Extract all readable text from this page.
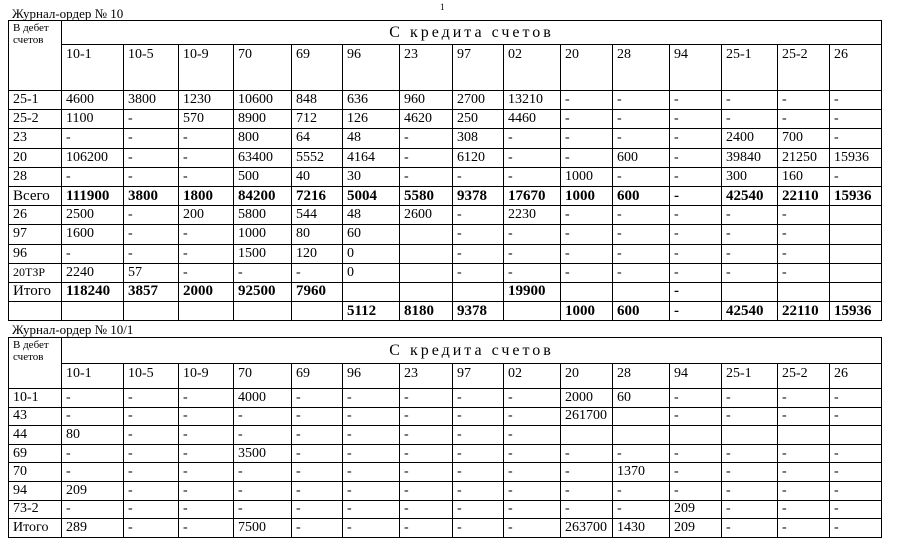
1
Журнал-ордер № 10
В дебет счетов	С кредита счетов														
	10-1	10-5	10-9	70	69	96	23	97	02	20	28	94	25-1	25-2	26
25-1	4600	3800	1230	10600	848	636	960	2700	13210	-	-	-	-	-	-
25-2	1100	-	570	8900	712	126	4620	250	4460	-	-	-	-	-	-
23	-	-	-	800	64	48	-	308	-	-	-	-	2400	700	-
20	106200	-	-	63400	5552	4164	-	6120	-	-	600	-	39840	21250	15936
28	-	-	-	500	40	30	-	-	-	1000	-	-	300	160	-
Всего	111900	3800	1800	84200	7216	5004	5580	9378	17670	1000	600	-	42540	22110	15936
26	2500	-	200	5800	544	48	2600	-	2230	-	-	-	-	-	
97	1600	-	-	1000	80	60		-	-	-	-	-	-	-	
96	-	-	-	1500	120	0		-	-	-	-	-	-	-	
20ТЗР	2240	57	-	-	-	0		-	-	-	-	-	-	-	
Итого	118240	3857	2000	92500	7960				19900			-			
						5112	8180	9378		1000	600	-	42540	22110	15936
Журнал-ордер № 10/1
В дебет счетов	С кредита счетов														
	10-1	10-5	10-9	70	69	96	23	97	02	20	28	94	25-1	25-2	26
10-1	-	-	-	4000	-	-	-	-	-	2000	60	-	-	-	-
43	-	-	-	-	-	-	-	-	-	261700		-	-	-	-
44	80	-	-	-	-	-	-	-	-						
69	-	-	-	3500	-	-	-	-	-	-	-	-	-	-	-
70	-	-	-	-	-	-	-	-	-	-	1370	-	-	-	-
94	209	-	-	-	-	-	-	-	-	-	-	-	-	-	-
73-2	-	-	-	-	-	-	-	-	-	-	-	209	-	-	-
Итого	289	-	-	7500	-	-	-	-	-	263700	1430	209	-	-	-
